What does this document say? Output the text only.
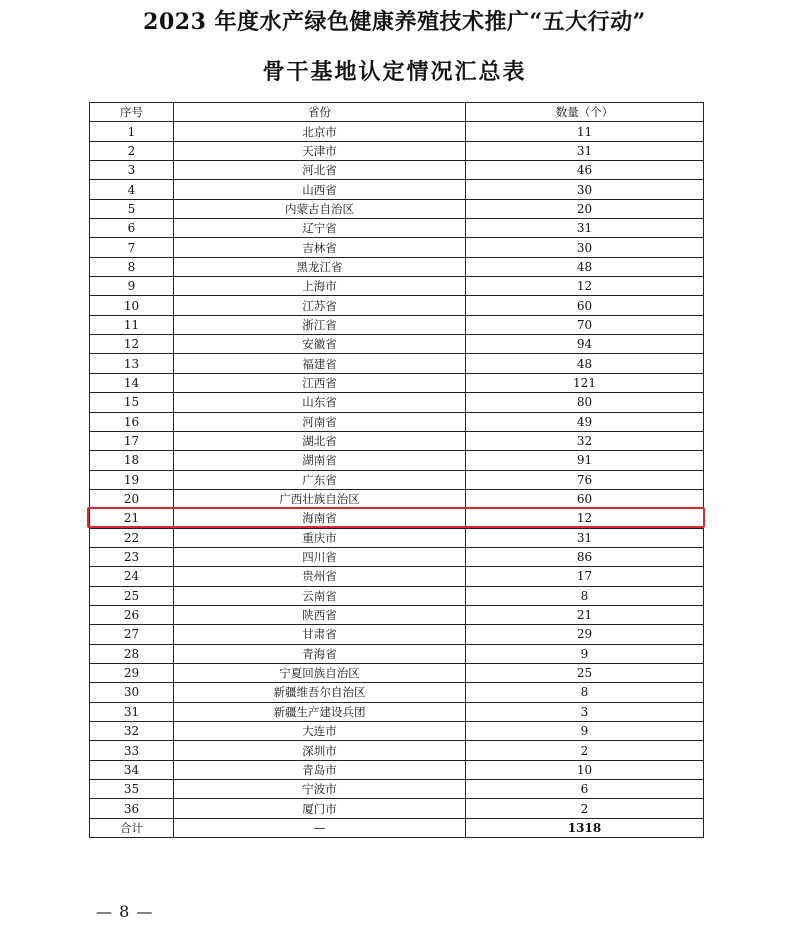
2023 年度水产绿色健康养殖技术推广“五大行动”
骨干基地认定情况汇总表
序号	省份	数量（个）
1	北京市	11
2	天津市	31
3	河北省	46
4	山西省	30
5	内蒙古自治区	20
6	辽宁省	31
7	吉林省	30
8	黑龙江省	48
9	上海市	12
10	江苏省	60
11	浙江省	70
12	安徽省	94
13	福建省	48
14	江西省	121
15	山东省	80
16	河南省	49
17	湖北省	32
18	湖南省	91
19	广东省	76
20	广西壮族自治区	60
21	海南省	12
22	重庆市	31
23	四川省	86
24	贵州省	17
25	云南省	8
26	陕西省	21
27	甘肃省	29
28	青海省	9
29	宁夏回族自治区	25
30	新疆维吾尔自治区	8
31	新疆生产建设兵团	3
32	大连市	9
33	深圳市	2
34	青岛市	10
35	宁波市	6
36	厦门市	2
合计	—	1318
— 8 —
